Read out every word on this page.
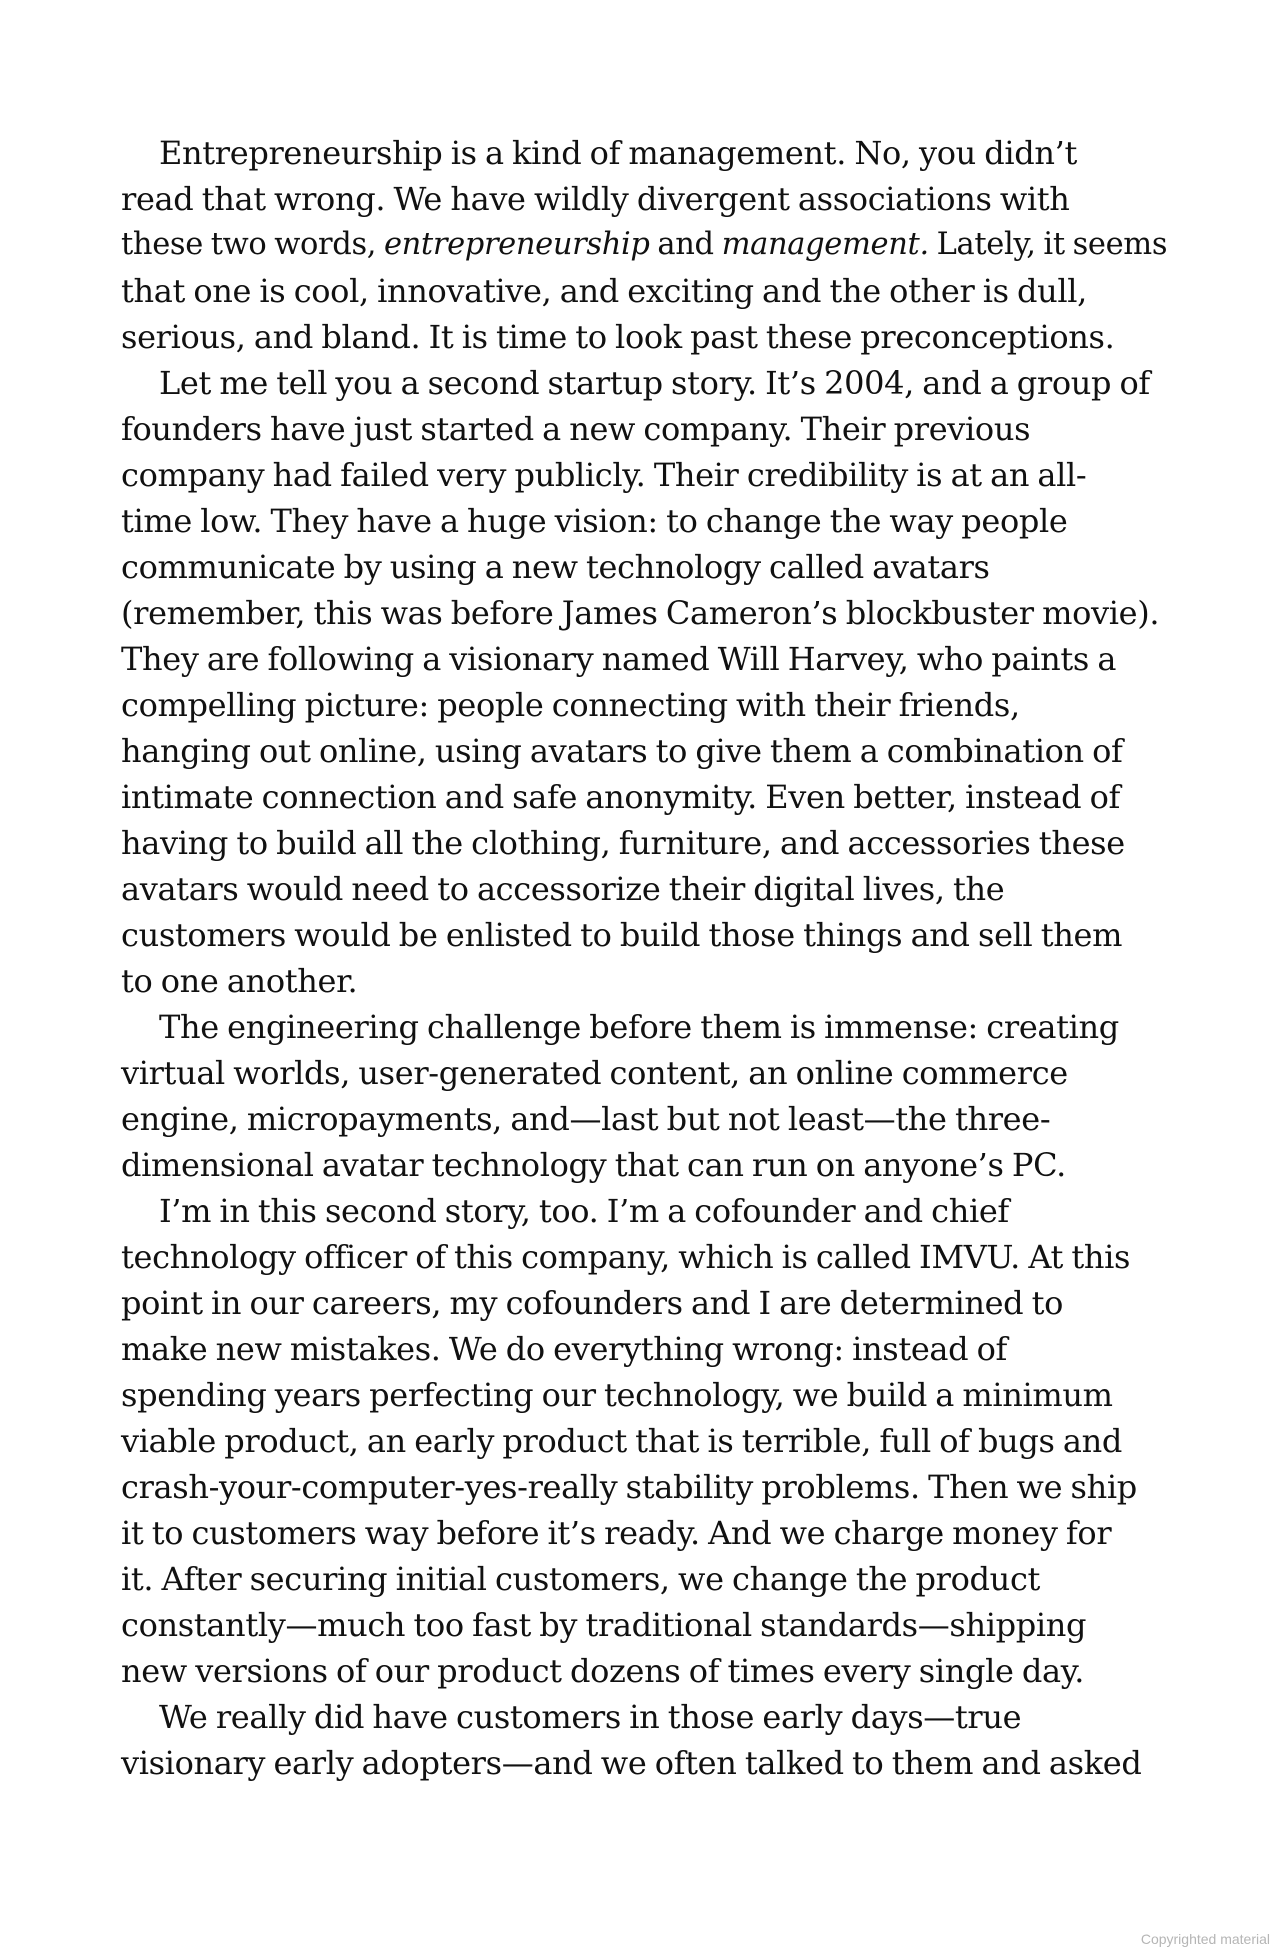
Entrepreneurship is a kind of management. No, you didn’t
read that wrong. We have wildly divergent associations with
these two words, entrepreneurship and management. Lately, it seems
that one is cool, innovative, and exciting and the other is dull,
serious, and bland. It is time to look past these preconceptions.
Let me tell you a second startup story. It’s 2004, and a group of
founders have just started a new company. Their previous
company had failed very publicly. Their credibility is at an all-
time low. They have a huge vision: to change the way people
communicate by using a new technology called avatars
(remember, this was before James Cameron’s blockbuster movie).
They are following a visionary named Will Harvey, who paints a
compelling picture: people connecting with their friends,
hanging out online, using avatars to give them a combination of
intimate connection and safe anonymity. Even better, instead of
having to build all the clothing, furniture, and accessories these
avatars would need to accessorize their digital lives, the
customers would be enlisted to build those things and sell them
to one another.
The engineering challenge before them is immense: creating
virtual worlds, user-generated content, an online commerce
engine, micropayments, and—last but not least—the three-
dimensional avatar technology that can run on anyone’s PC.
I’m in this second story, too. I’m a cofounder and chief
technology officer of this company, which is called IMVU. At this
point in our careers, my cofounders and I are determined to
make new mistakes. We do everything wrong: instead of
spending years perfecting our technology, we build a minimum
viable product, an early product that is terrible, full of bugs and
crash-your-computer-yes-really stability problems. Then we ship
it to customers way before it’s ready. And we charge money for
it. After securing initial customers, we change the product
constantly—much too fast by traditional standards—shipping
new versions of our product dozens of times every single day.
We really did have customers in those early days—true
visionary early adopters—and we often talked to them and asked
Copyrighted material
